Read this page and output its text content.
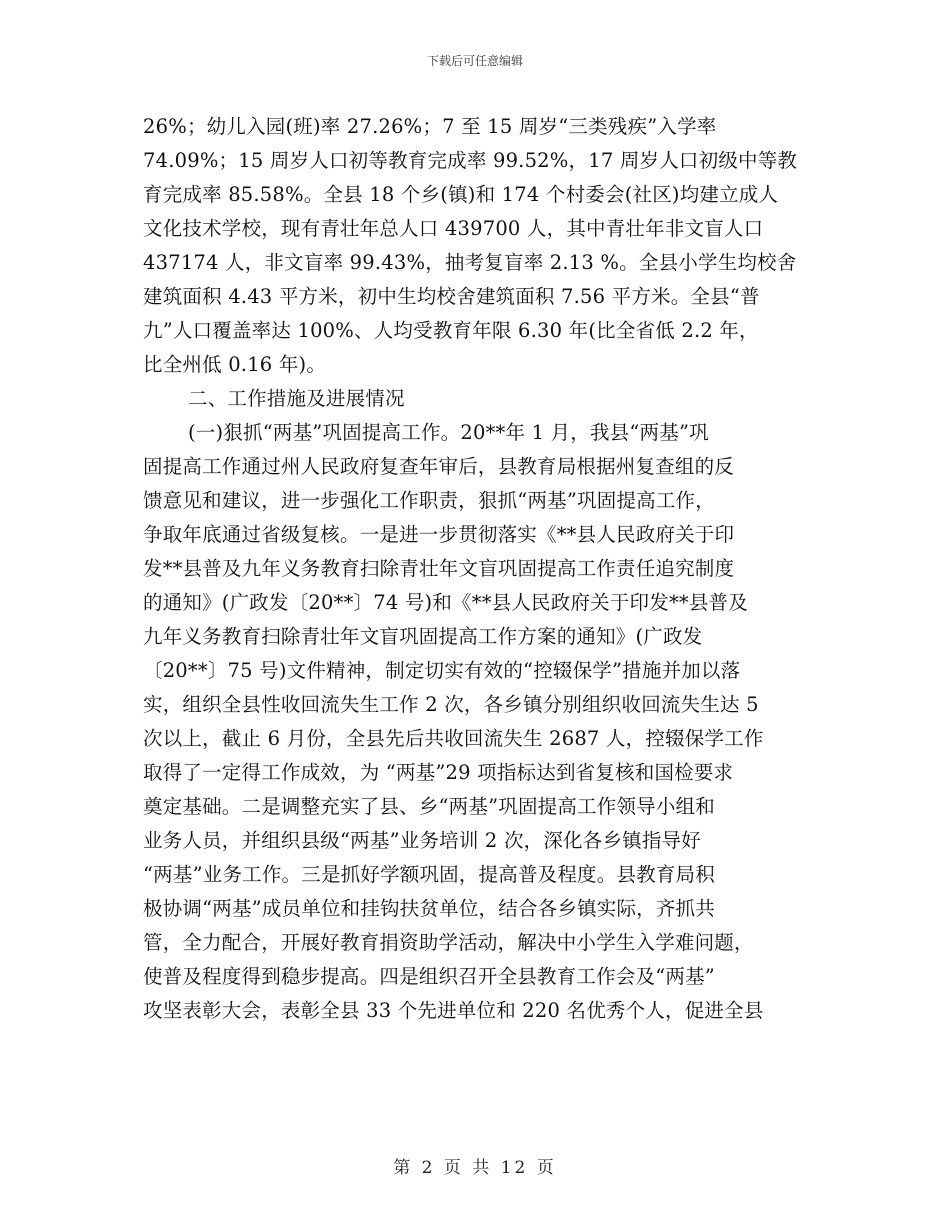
下载后可任意编辑
26%；幼儿入园(班)率 27.26%；7 至 15 周岁“三类残疾”入学率
74.09%；15 周岁人口初等教育完成率 99.52%，17 周岁人口初级中等教
育完成率 85.58%。全县 18 个乡(镇)和 174 个村委会(社区)均建立成人
文化技术学校，现有青壮年总人口 439700 人，其中青壮年非文盲人口
437174 人，非文盲率 99.43%，抽考复盲率 2.13 %。全县小学生均校舍
建筑面积 4.43 平方米，初中生均校舍建筑面积 7.56 平方米。全县“普
九”人口覆盖率达 100%、人均受教育年限 6.30 年(比全省低 2.2 年，
比全州低 0.16 年)。
二、工作措施及进展情况
(一)狠抓“两基”巩固提高工作。20**年 1 月，我县“两基”巩
固提高工作通过州人民政府复查年审后，县教育局根据州复查组的反
馈意见和建议，进一步强化工作职责，狠抓“两基”巩固提高工作，
争取年底通过省级复核。一是进一步贯彻落实《**县人民政府关于印
发**县普及九年义务教育扫除青壮年文盲巩固提高工作责任追究制度
的通知》(广政发〔20**〕74 号)和《**县人民政府关于印发**县普及
九年义务教育扫除青壮年文盲巩固提高工作方案的通知》(广政发
〔20**〕75 号)文件精神，制定切实有效的“控辍保学”措施并加以落
实，组织全县性收回流失生工作 2 次，各乡镇分别组织收回流失生达 5
次以上，截止 6 月份，全县先后共收回流失生 2687 人，控辍保学工作
取得了一定得工作成效，为 “两基”29 项指标达到省复核和国检要求
奠定基础。二是调整充实了县、乡“两基”巩固提高工作领导小组和
业务人员，并组织县级“两基”业务培训 2 次，深化各乡镇指导好
“两基”业务工作。三是抓好学额巩固，提高普及程度。县教育局积
极协调“两基”成员单位和挂钩扶贫单位，结合各乡镇实际，齐抓共
管，全力配合，开展好教育捐资助学活动，解决中小学生入学难问题，
使普及程度得到稳步提高。四是组织召开全县教育工作会及“两基”
攻坚表彰大会，表彰全县 33 个先进单位和 220 名优秀个人，促进全县
第 2 页 共 12 页
